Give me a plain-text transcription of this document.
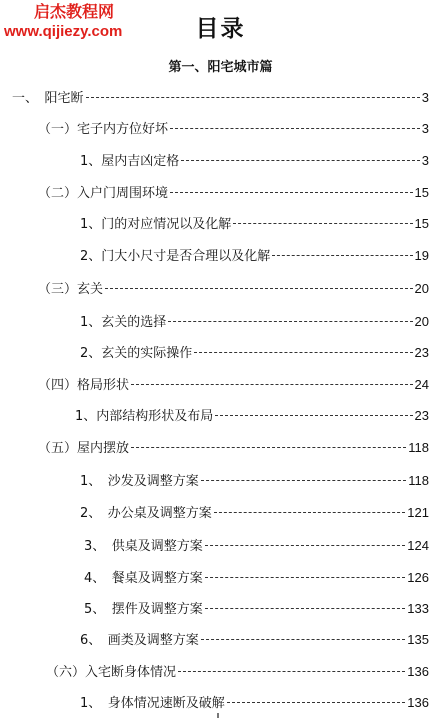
启杰教程网
www.qijiezy.com	目录
第一、阳宅城市篇
一、　阳宅断	3
（一）宅子内方位好坏	3
1、屋内吉凶定格	3
（二）入户门周围环境	15
1、门的对应情况以及化解	15
2、门大小尺寸是否合理以及化解	19
（三）玄关	20
1、玄关的选择	20
2、玄关的实际操作	23
（四）格局形状	24
1、内部结构形状及布局	23
（五）屋内摆放	118
1、　沙发及调整方案	118
2、　办公桌及调整方案	121
3、　供桌及调整方案	124
4、　餐桌及调整方案	126
5、　摆件及调整方案	133
6、　画类及调整方案	135
（六）入宅断身体情况	136
1、　身体情况速断及破解	136
